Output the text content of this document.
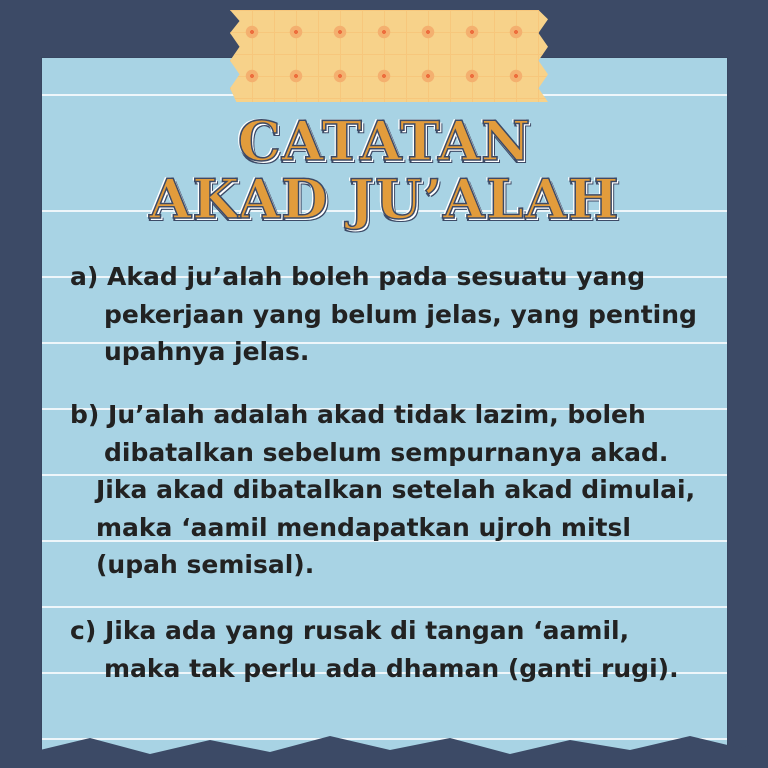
CATATAN
AKAD JU’ALAH

a) Akad ju’alah boleh pada sesuatu yang
pekerjaan yang belum jelas, yang penting
upahnya jelas.

b) Ju’alah adalah akad tidak lazim, boleh
dibatalkan sebelum sempurnanya akad.
Jika akad dibatalkan setelah akad dimulai,
maka ‘aamil mendapatkan ujroh mitsl
(upah semisal).

c) Jika ada yang rusak di tangan ‘aamil,
maka tak perlu ada dhaman (ganti rugi).
